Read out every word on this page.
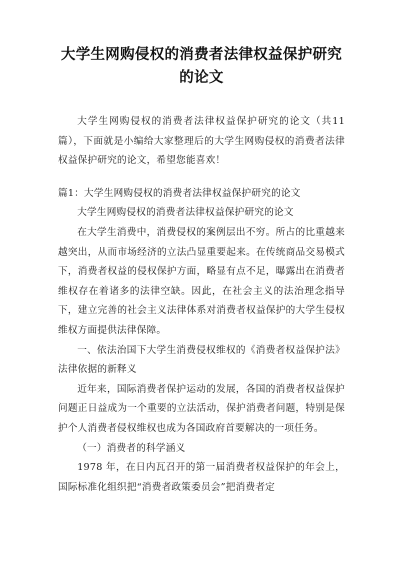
大学生网购侵权的消费者法律权益保护研究的论文

大学生网购侵权的消费者法律权益保护研究的论文（共11篇），下面就是小编给大家整理后的大学生网购侵权的消费者法律权益保护研究的论文，希望您能喜欢！

篇1：大学生网购侵权的消费者法律权益保护研究的论文

大学生网购侵权的消费者法律权益保护研究的论文

在大学生消费中，消费侵权的案例层出不穷。所占的比重越来越突出，从而市场经济的立法凸显重要起来。在传统商品交易模式下，消费者权益的侵权保护方面，略显有点不足，曝露出在消费者维权存在着诸多的法律空缺。因此，在社会主义的法治理念指导下，建立完善的社会主义法律体系对消费者权益保护的大学生侵权维权方面提供法律保障。

一、依法治国下大学生消费侵权维权的《消费者权益保护法》法律依据的新释义

近年来，国际消费者保护运动的发展，各国的消费者权益保护问题正日益成为一个重要的立法活动，保护消费者问题，特别是保护个人消费者侵权维权也成为各国政府首要解决的一项任务。

（一）消费者的科学涵义

1978 年，在日内瓦召开的第一届消费者权益保护的年会上，国际标准化组织把“消费者政策委员会”把消费者定
